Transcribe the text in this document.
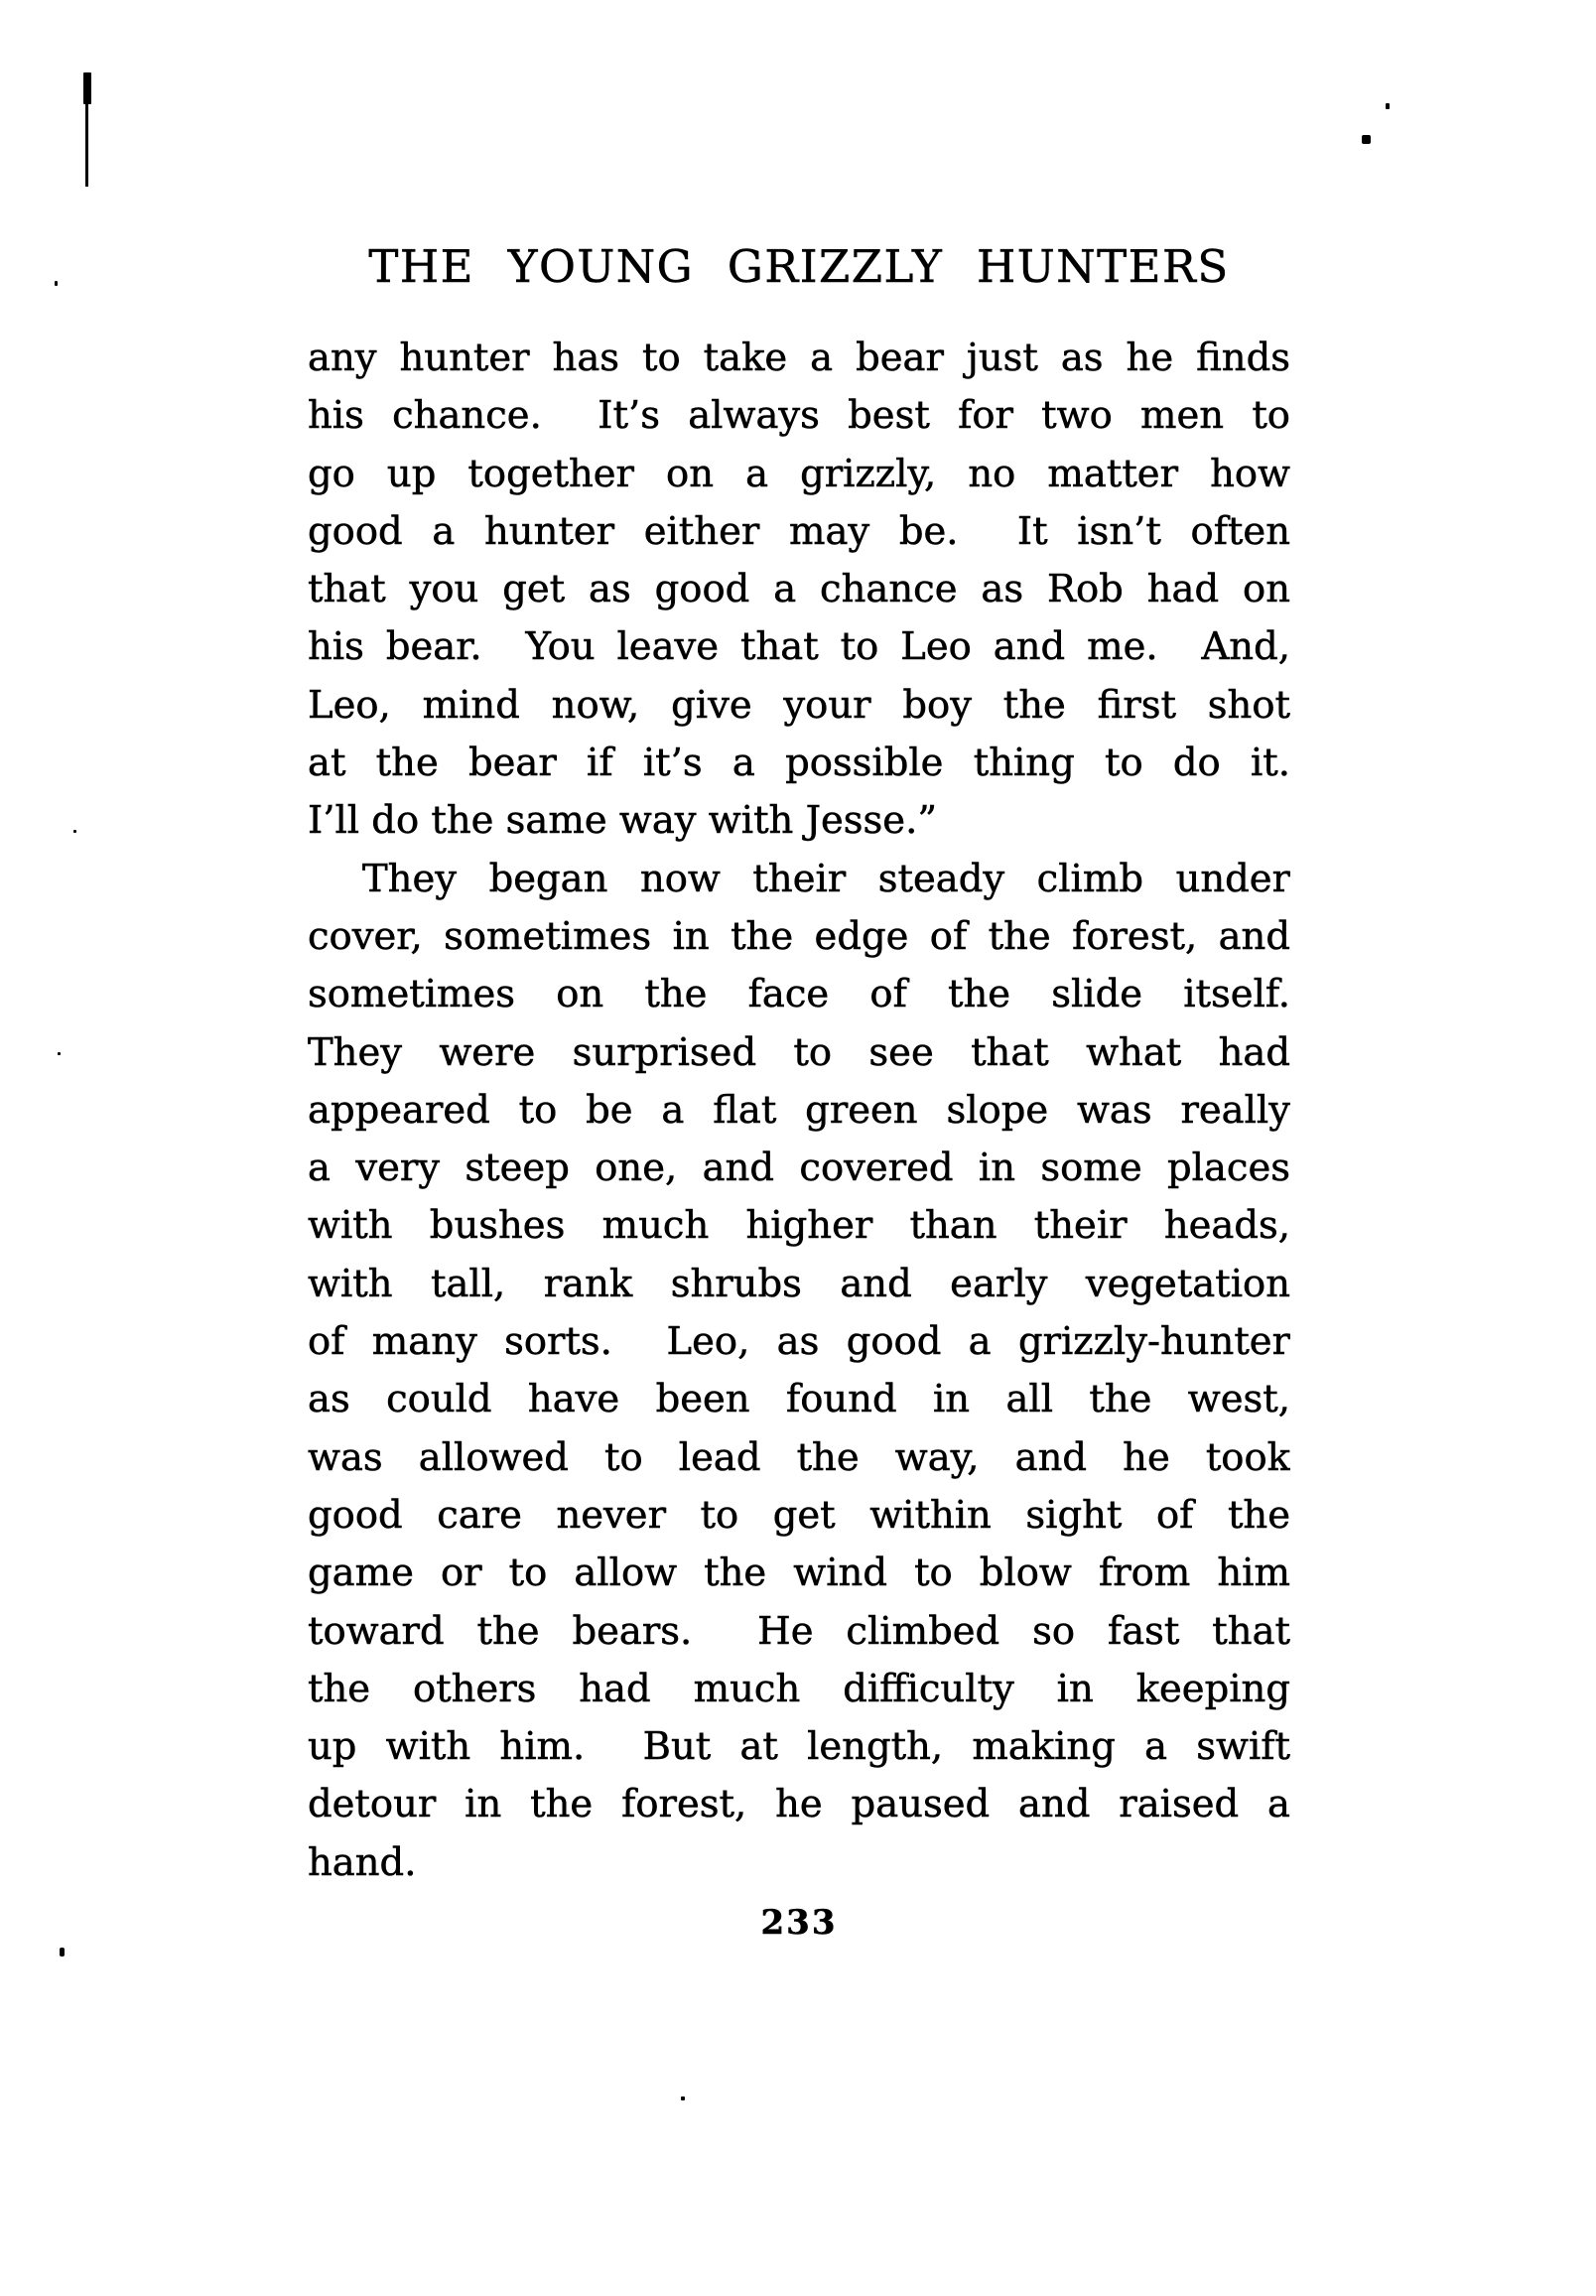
THE YOUNG GRIZZLY HUNTERS
any hunter has to take a bear just as he finds
his chance.  It’s always best for two men to
go up together on a grizzly, no matter how
good a hunter either may be.  It isn’t often
that you get as good a chance as Rob had on
his bear.  You leave that to Leo and me.  And,
Leo, mind now, give your boy the first shot
at the bear if it’s a possible thing to do it.
I’ll do the same way with Jesse.”
They began now their steady climb under
cover, sometimes in the edge of the forest, and
sometimes on the face of the slide itself.
They were surprised to see that what had
appeared to be a flat green slope was really
a very steep one, and covered in some places
with bushes much higher than their heads,
with tall, rank shrubs and early vegetation
of many sorts.  Leo, as good a grizzly-hunter
as could have been found in all the west,
was allowed to lead the way, and he took
good care never to get within sight of the
game or to allow the wind to blow from him
toward the bears.  He climbed so fast that
the others had much difficulty in keeping
up with him.  But at length, making a swift
detour in the forest, he paused and raised a
hand.
233
